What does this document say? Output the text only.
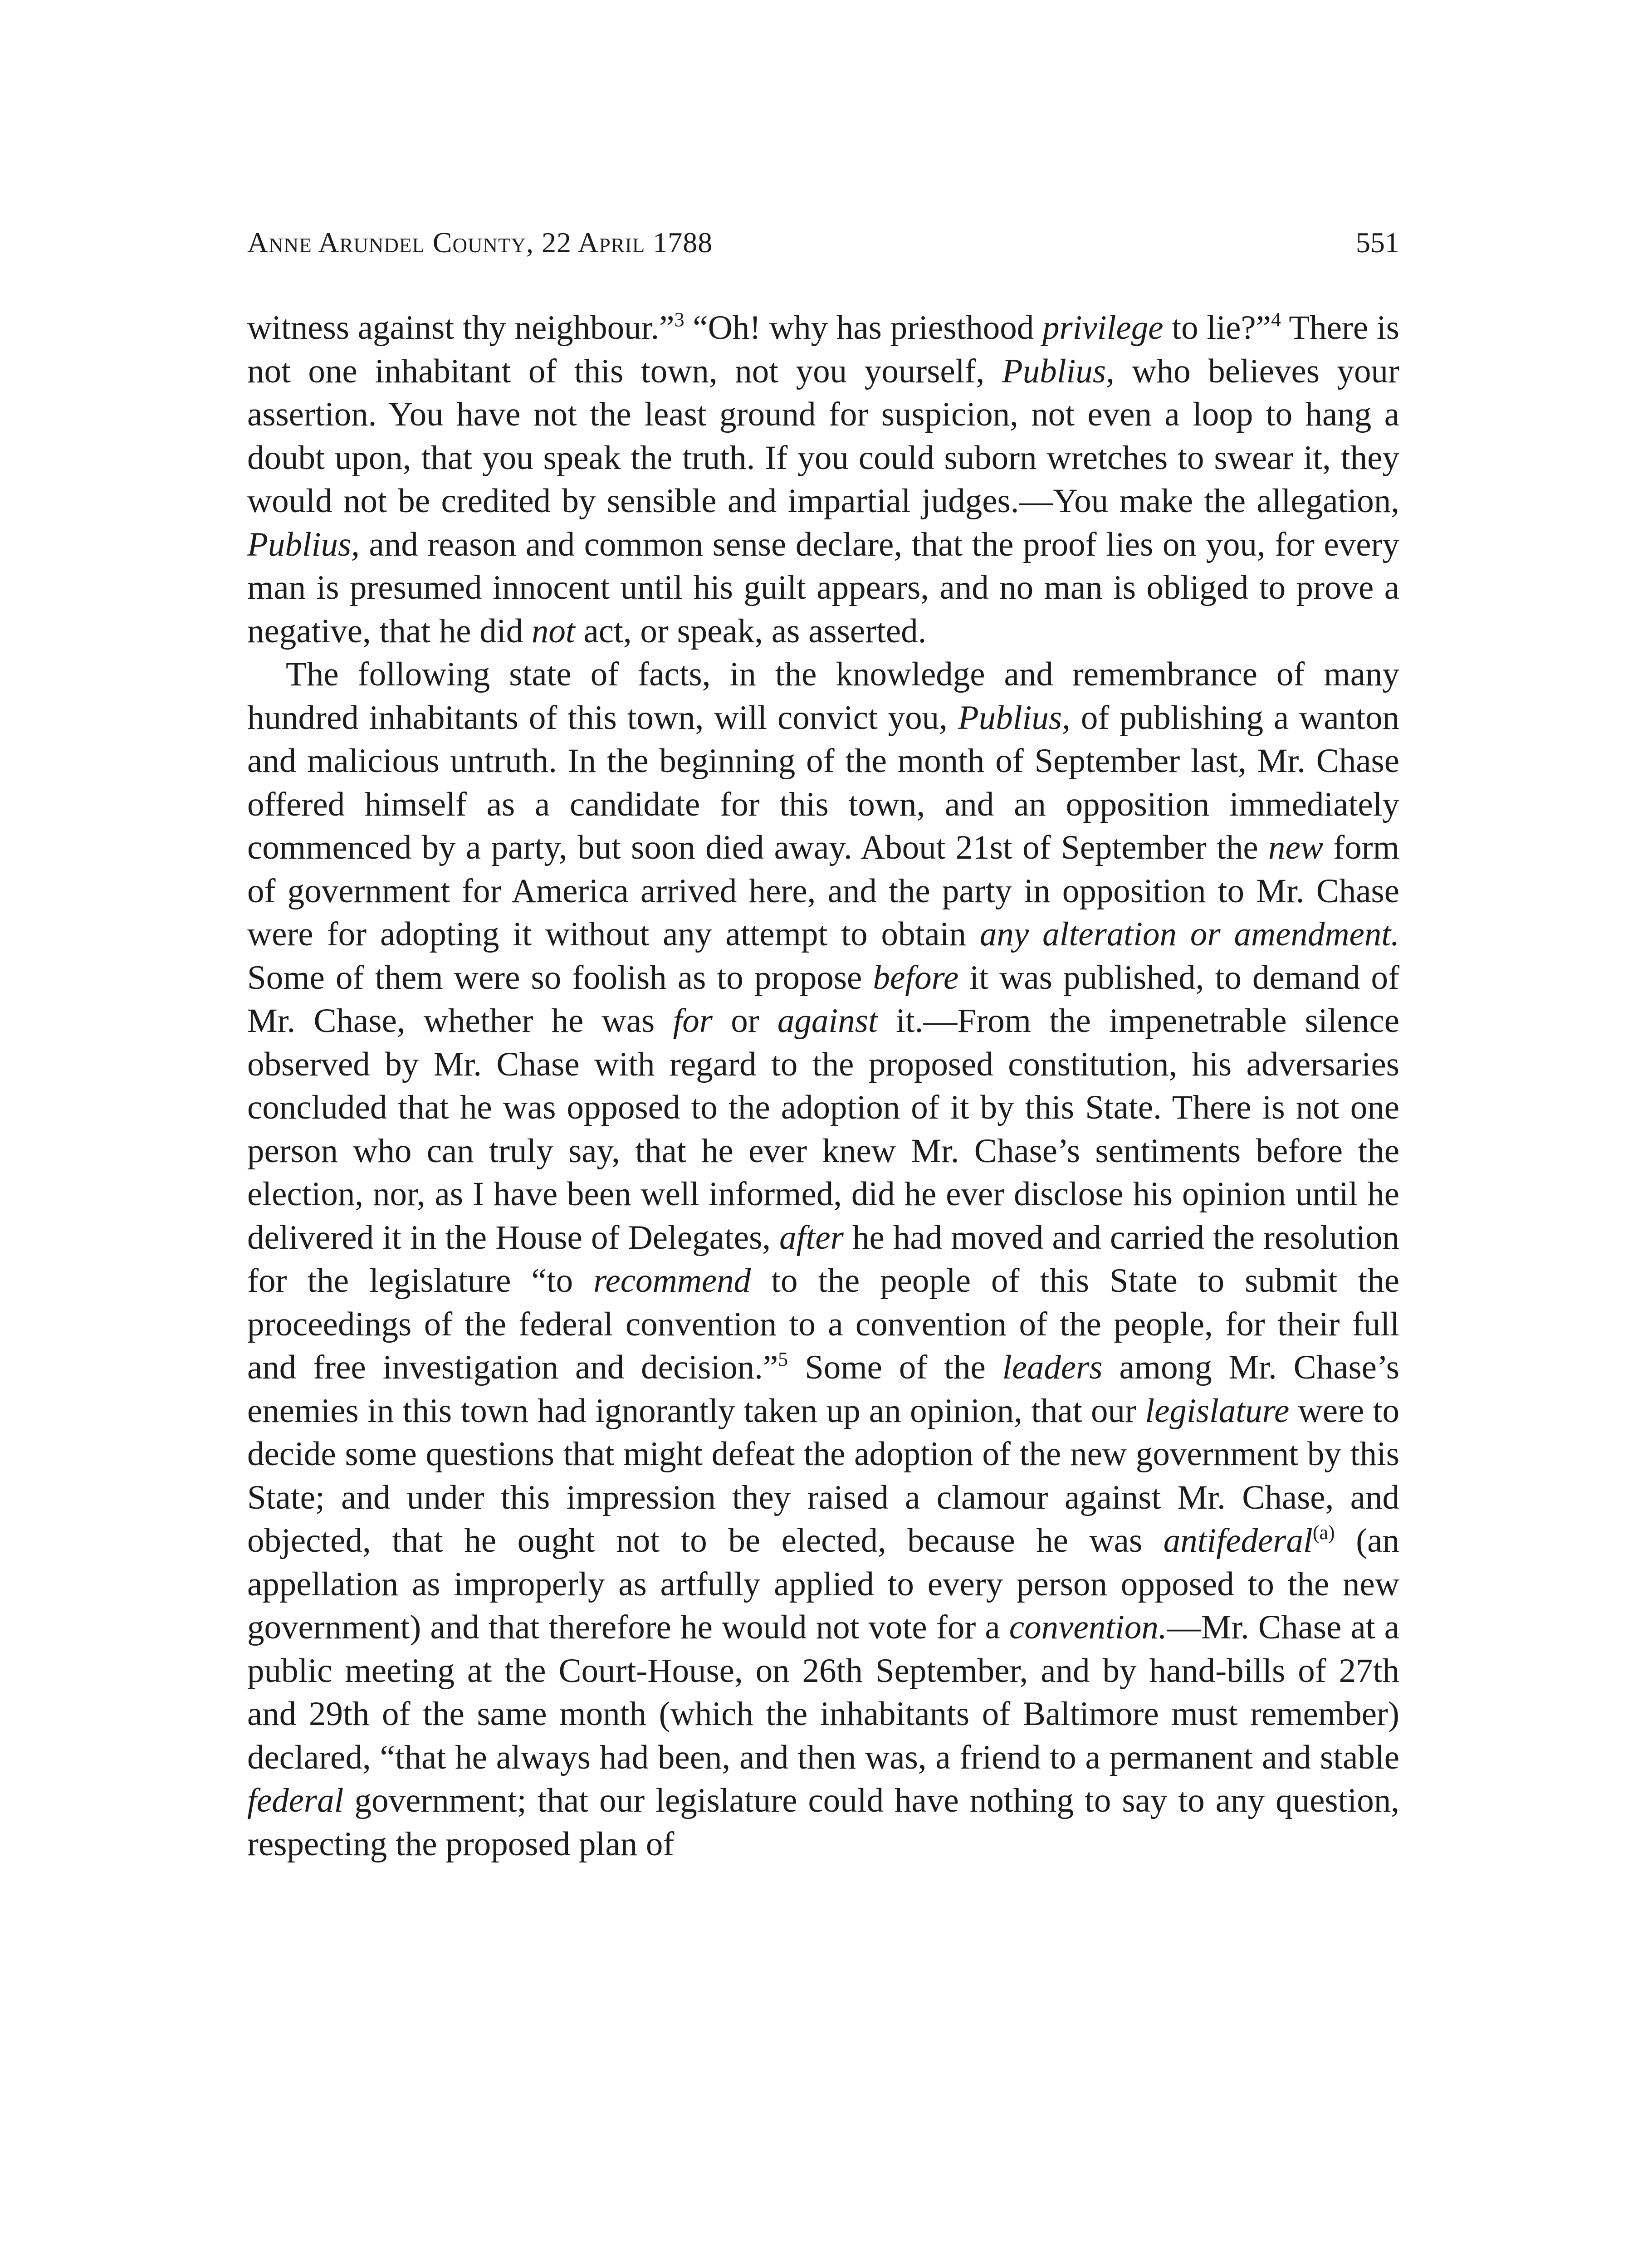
Anne Arundel County, 22 April 1788	551

witness against thy neighbour.”$^3$ “Oh! why has priesthood privilege to lie?”$^4$ There is not one inhabitant of this town, not you yourself, Publius, who believes your assertion. You have not the least ground for suspicion, not even a loop to hang a doubt upon, that you speak the truth. If you could suborn wretches to swear it, they would not be credited by sensible and impartial judges.—You make the allegation, Publius, and reason and common sense declare, that the proof lies on you, for every man is presumed innocent until his guilt appears, and no man is obliged to prove a negative, that he did not act, or speak, as asserted.

The following state of facts, in the knowledge and remembrance of many hundred inhabitants of this town, will convict you, Publius, of publishing a wanton and malicious untruth. In the beginning of the month of September last, Mr. Chase offered himself as a candidate for this town, and an opposition immediately commenced by a party, but soon died away. About 21st of September the new form of government for America arrived here, and the party in opposition to Mr. Chase were for adopting it without any attempt to obtain any alteration or amendment. Some of them were so foolish as to propose before it was published, to demand of Mr. Chase, whether he was for or against it.—From the impenetrable silence observed by Mr. Chase with regard to the proposed constitution, his adversaries concluded that he was opposed to the adoption of it by this State. There is not one person who can truly say, that he ever knew Mr. Chase’s sentiments before the election, nor, as I have been well informed, did he ever disclose his opinion until he delivered it in the House of Delegates, after he had moved and carried the resolution for the legislature “to recommend to the people of this State to submit the proceedings of the federal convention to a convention of the people, for their full and free investigation and decision.”$^5$ Some of the leaders among Mr. Chase’s enemies in this town had ignorantly taken up an opinion, that our legislature were to decide some questions that might defeat the adoption of the new government by this State; and under this impression they raised a clamour against Mr. Chase, and objected, that he ought not to be elected, because he was antifederal$^{(a)}$ (an appellation as improperly as artfully applied to every person opposed to the new government) and that therefore he would not vote for a convention.—Mr. Chase at a public meeting at the Court-House, on 26th September, and by hand-bills of 27th and 29th of the same month (which the inhabitants of Baltimore must remember) declared, “that he always had been, and then was, a friend to a permanent and stable federal government; that our legislature could have nothing to say to any question, respecting the proposed plan of
